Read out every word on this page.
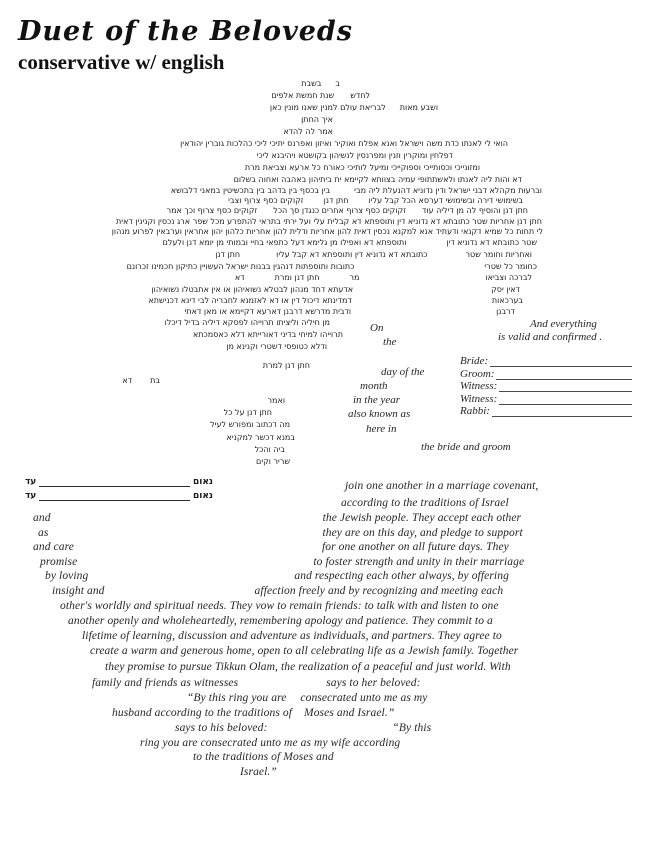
Duet of the Beloveds
conservative w/ english
בבשבת
לחדששנת חמשת אלפים
ושבע מאותלבריאת עולם למנין שאנו מונין כאן
איך החתן
אמר לה להדא
הואי לי לאנתו כדת משה וישראל ואנא אפלח ואוקיר ואיזון ואפרנס יתיכי ליכי כהלכות גוברין יהודאין
דפלחין ומוקרין וזנין ומפרנסין לנשיהון בקושטא ויהיבנא ליכי
ומזונייכי וכסותייכי וספוקייכי ומיעל לותיכי כאורח כל ארעא וצביאת מרת
דא והות ליה לאנתו ולאשתתופי עמיה בצוותא לקיימא ית ביתיהון באהבה ואחוה בשלום
וברעות מקהלא דבני ישראל ודין נדוניא דהנעלת ליה מביבין בכסף בין בדהב בין בתכשיטין במאני דלבושא
בשימושי דירה ובשימושי דערסא הכל קבל עליוחתן דנןזקוקים כסף צרוף וצבי
חתן דנן והוסיף לה מן דיליה עודזקוקים כסף צרוף אחרים כנגדן סך הכלזקוקים כסף צרוף וכך אמר
חתן דנן אחריות שטר כתובתא דא נדוניא דין ותוספתא דא קבלית עלי ועל ירתי בתראי להתפרע מכל שפר ארג נכסין וקנינין דאית
לי תחות כל שמיא דקנאי ודעתיד אנא למקנא נכסין דאית להון אחריות ודלית להון אחריות כלהון יהון אחראין וערבאין לפרוע מנהון
שטר כתובתא דא נדוניא דיןותוספתא דא ואפילו מן גלימא דעל כתפאי בחיי ובמותי מן יומא דנן ולעלם
ואחריות וחומר שטרכתובתא דא נדוניא דין ותוספתא דא קבל עליוחתן דנן
כחומר כל שטריכתובות ותוספתות דנהגין בבנות ישראל העשויין כתיקון חכמינו זכרונם
לברכה וצביאומרחתן דנן ומרתדא
דאין יסקאדעתא דחד מנהון לבטלא נשואיהון או אין אתבטלו נשואיהון
בערכאותדמדינתא דיכול דין או דא לאזמנא לחבריה לבי דינא דכנישתא
דרבנןודבית מדרשא דרבנן דארעא דקיימא או מאן דאתי
מן חיליה וליציתו תרוייהו לפסקא דיליה בדיל דיכלו
תרוייהו למיחי בדיני דאורייתא דלא כאסמכתא
ודלא כטופסי דשטרי וקנינא מן
חתן דנן למרת
בתדא
ואמר
חתן דנן על כל
מה דכתוב ומפורש לעיל
במנא דכשר למקניא
ביה והכל
שריר וקים
On
the
day of the
month
in the year
also known as
here in
the bride and groom
And everything
is valid and confirmed .
Bride:
Groom:
Witness:
Witness:
Rabbi:
נאום
עד
נאום
עד
join one another in a marriage covenant,
according to the traditions of Israel
and	the Jewish people. They accept each other
as	they are on this day, and pledge to support
and care	for one another on all future days. They
promise	to foster strength and unity in their marriage
by loving	and respecting each other always, by offering
insight and	affection freely and by recognizing and meeting each
other's worldly and spiritual needs. They vow to remain friends: to talk with and listen to one
another openly and wholeheartedly, remembering apology and patience. They commit to a
lifetime of learning, discussion and adventure as individuals, and partners. They agree to
create a warm and generous home, open to all celebrating life as a Jewish family. Together
they promise to pursue Tikkun Olam, the realization of a peaceful and just world. With
family and friends as witnesses	says to her beloved:
“By this ring you are consecrated unto me as my
husband according to the traditions of Moses and Israel.”
says to his beloved:	“By this
ring you are consecrated unto me as my wife according
to the traditions of Moses and
Israel.”
